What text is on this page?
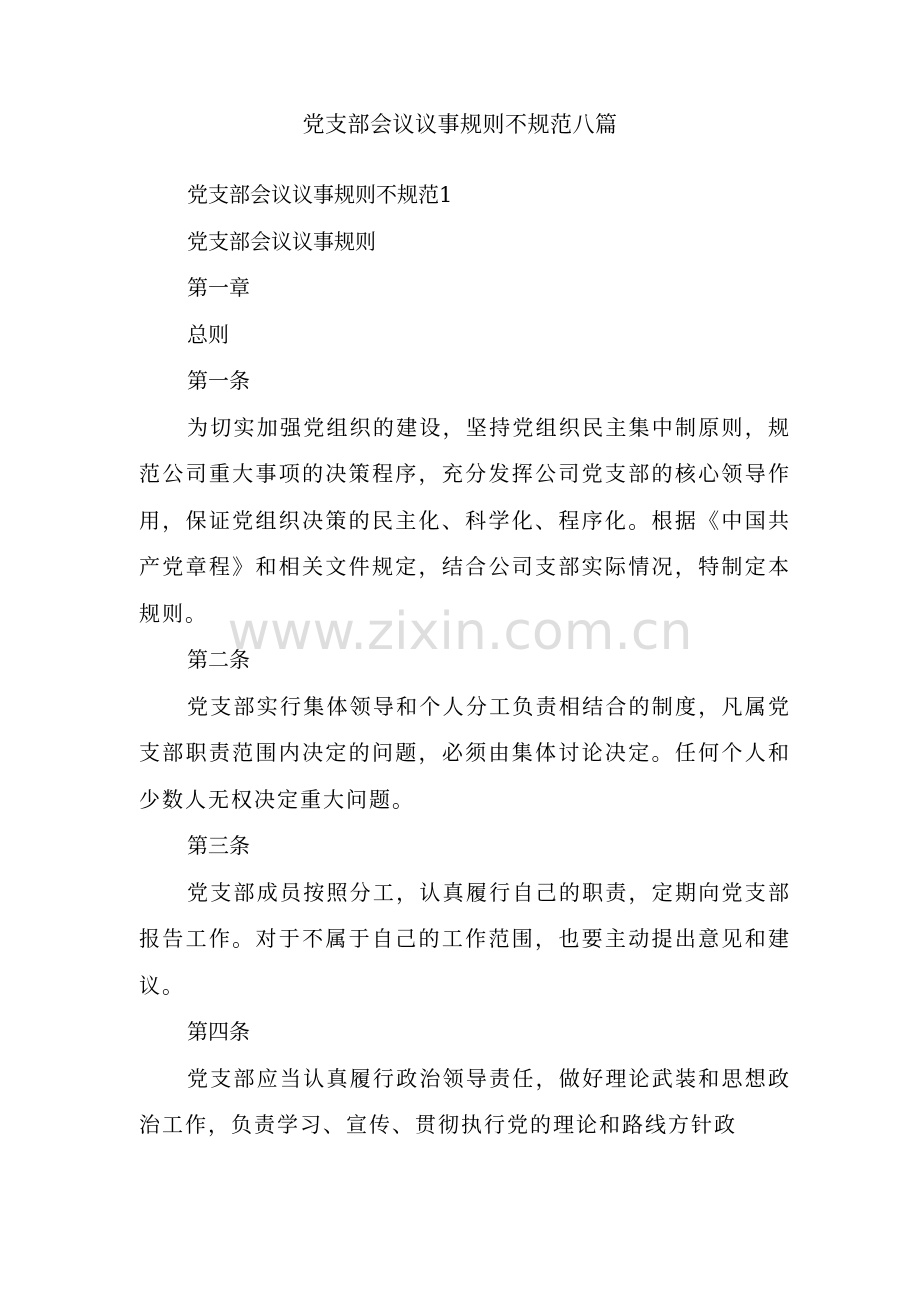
党支部会议议事规则不规范八篇

党支部会议议事规则不规范1

党支部会议议事规则

第一章

总则

第一条

为切实加强党组织的建设，坚持党组织民主集中制原则，规范公司重大事项的决策程序，充分发挥公司党支部的核心领导作用，保证党组织决策的民主化、科学化、程序化。根据《中国共产党章程》和相关文件规定，结合公司支部实际情况，特制定本规则。

第二条

党支部实行集体领导和个人分工负责相结合的制度，凡属党支部职责范围内决定的问题，必须由集体讨论决定。任何个人和少数人无权决定重大问题。

第三条

党支部成员按照分工，认真履行自己的职责，定期向党支部报告工作。对于不属于自己的工作范围，也要主动提出意见和建议。

第四条

党支部应当认真履行政治领导责任，做好理论武装和思想政治工作，负责学习、宣传、贯彻执行党的理论和路线方针政

www.zixin.com.cn
